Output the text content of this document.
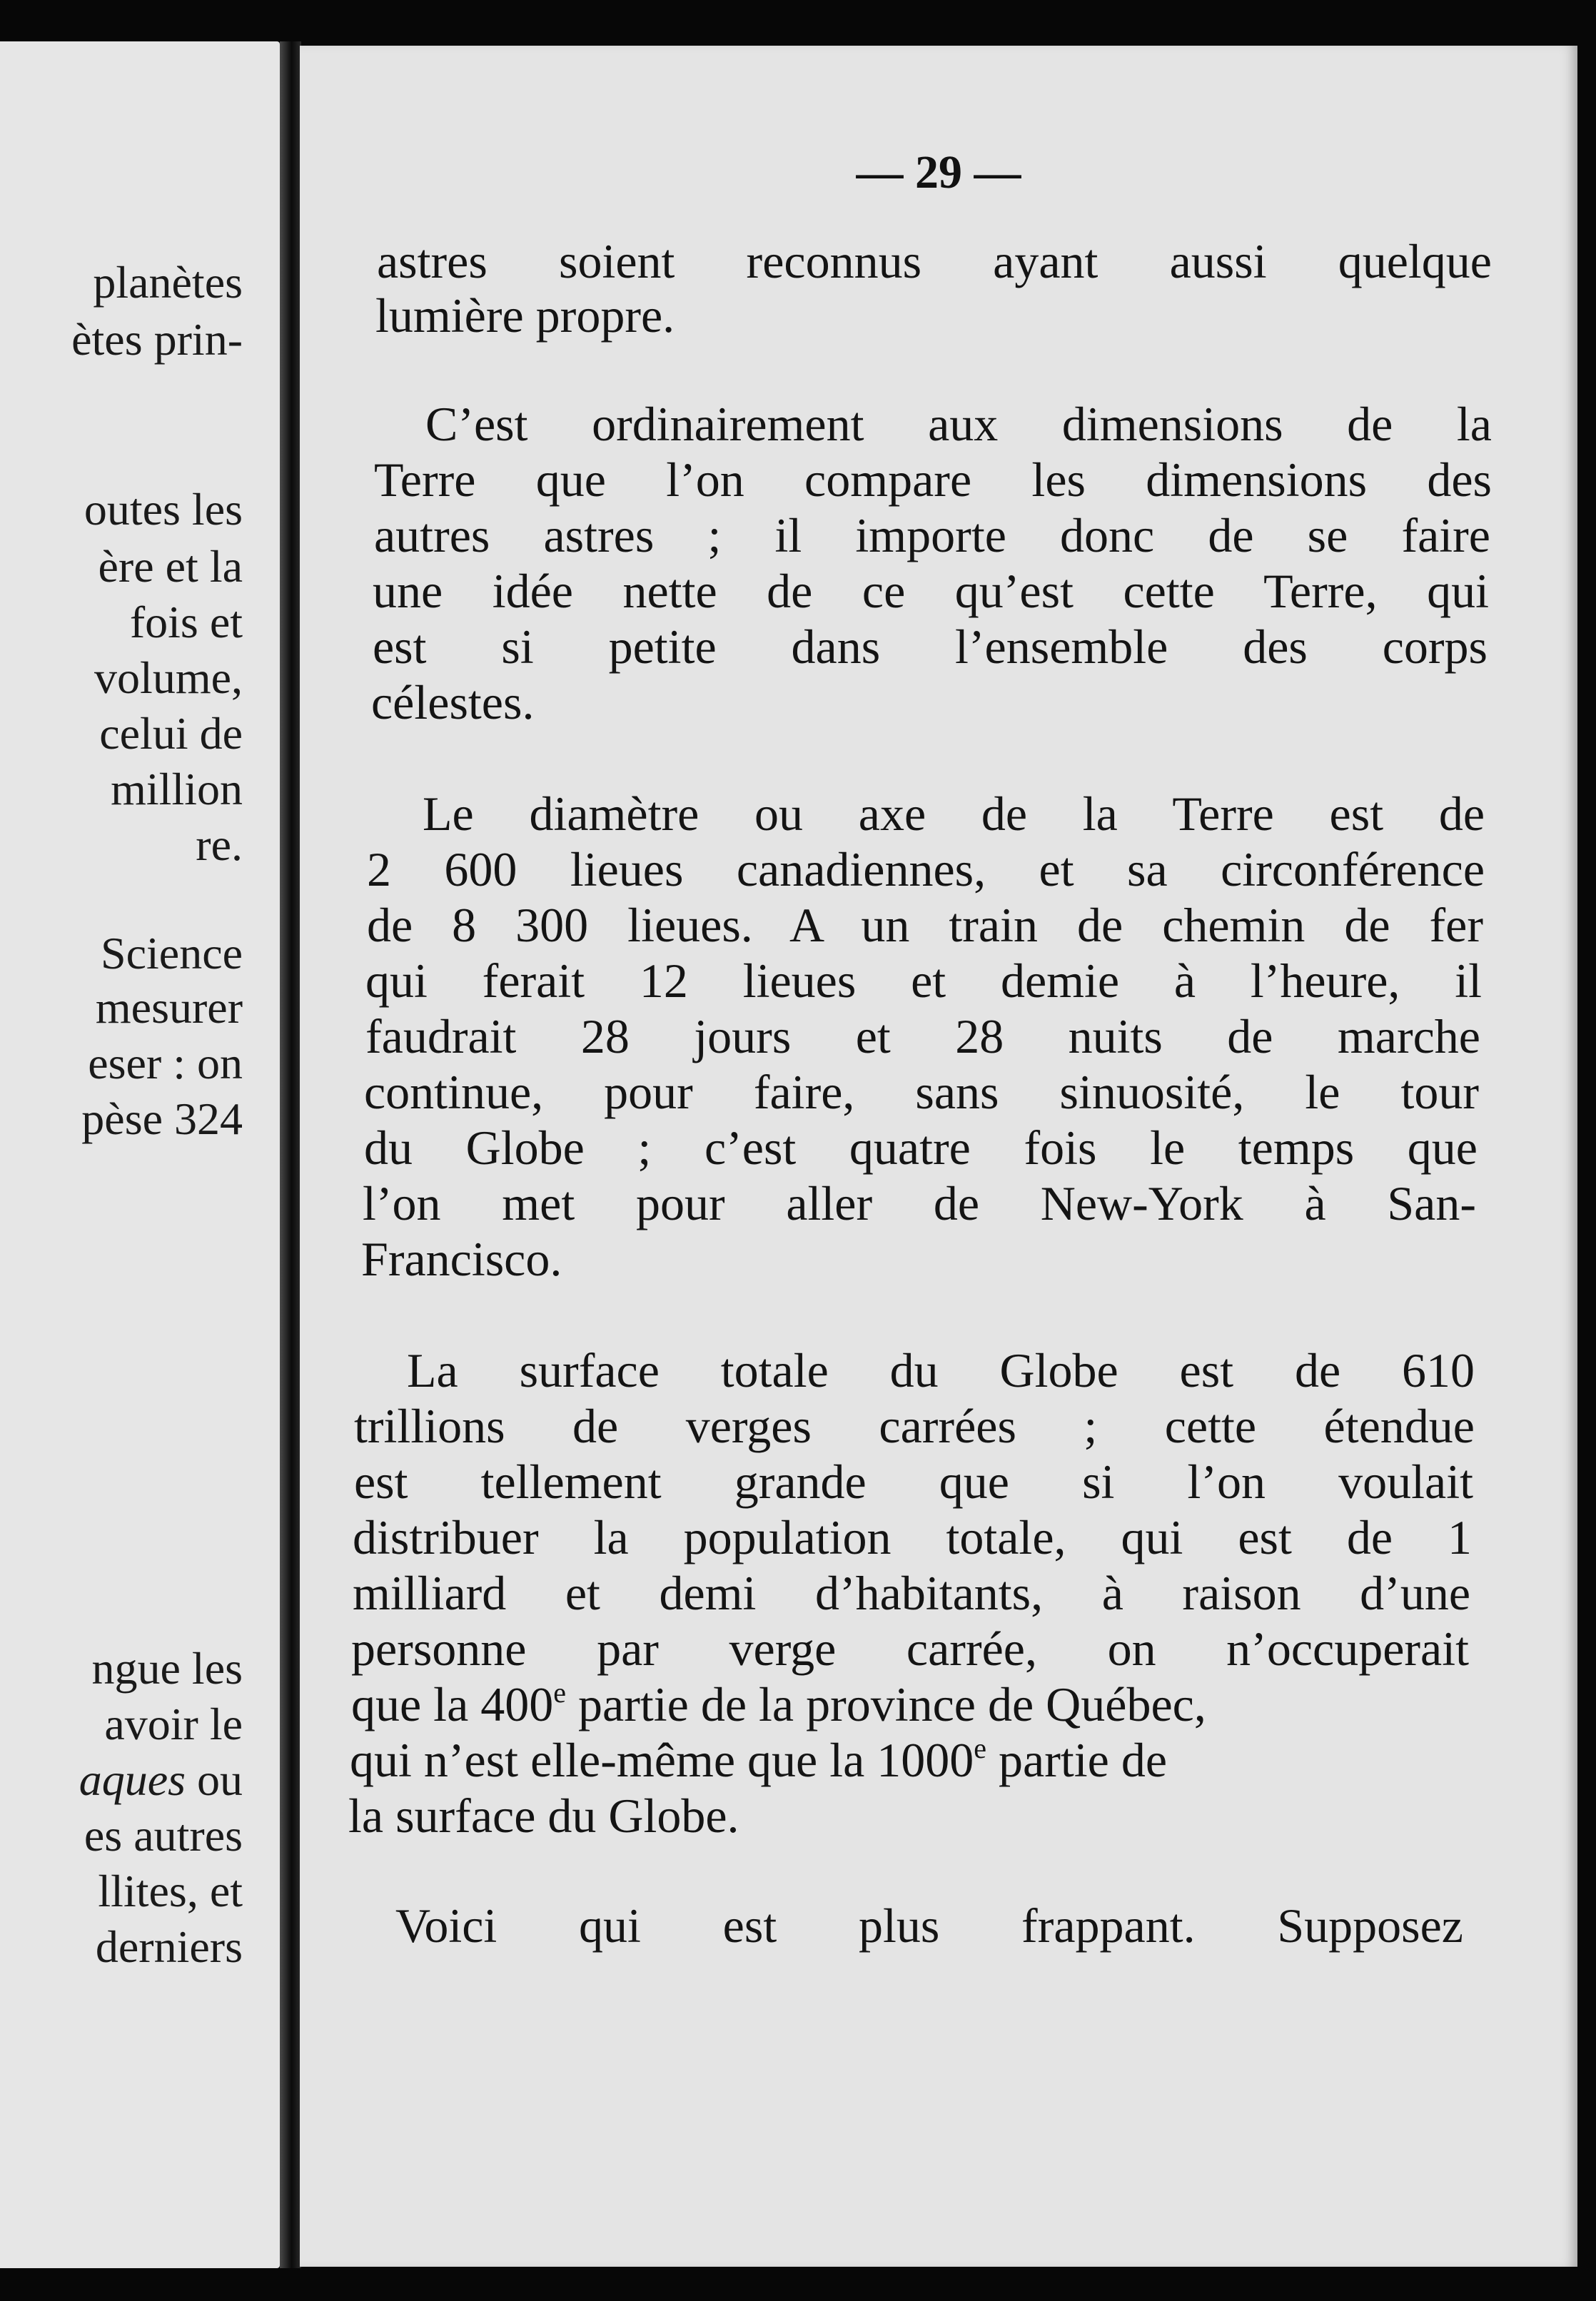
planètes
ètes prin-
outes les
ère et la
fois et
volume,
celui de
million
re.
Science
mesurer
eser : on
pèse 324
ngue les
avoir le
aques ou
es autres
llites, et
derniers
— 29 —
astres soient reconnus ayant aussi quelque
lumière propre.
C’est ordinairement aux dimensions de la
Terre que l’on compare les dimensions des
autres astres ; il importe donc de se faire
une idée nette de ce qu’est cette Terre, qui
est si petite dans l’ensemble des corps
célestes.
Le diamètre ou axe de la Terre est de
2 600 lieues canadiennes, et sa circonférence
de 8 300 lieues. A un train de chemin de fer
qui ferait 12 lieues et demie à l’heure, il
faudrait 28 jours et 28 nuits de marche
continue, pour faire, sans sinuosité, le tour
du Globe ; c’est quatre fois le temps que
l’on met pour aller de New-York à San-
Francisco.
La surface totale du Globe est de 610
trillions de verges carrées ; cette étendue
est tellement grande que si l’on voulait
distribuer la population totale, qui est de 1
milliard et demi d’habitants, à raison d’une
personne par verge carrée, on n’occuperait
que la 400e partie de la province de Québec,
qui n’est elle-même que la 1000e partie de
la surface du Globe.
Voici qui est plus frappant. Supposez
